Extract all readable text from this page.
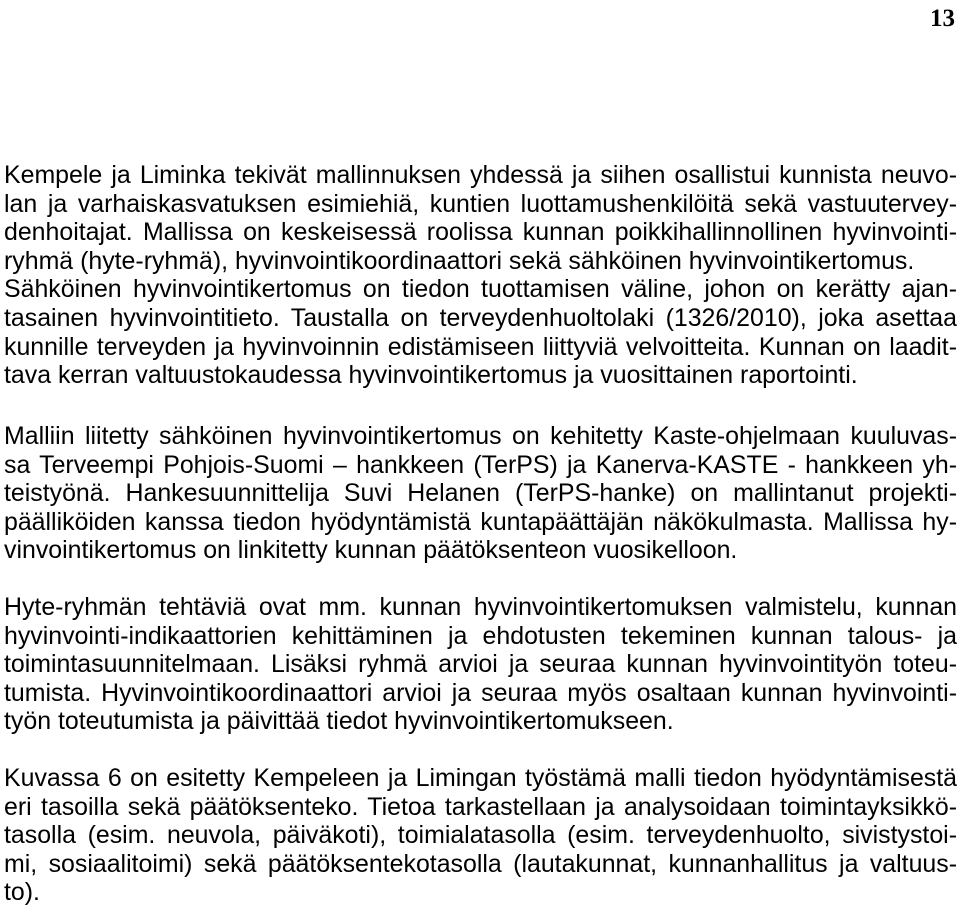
13
Kempele ja Liminka tekivät mallinnuksen yhdessä ja siihen osallistui kunnista neuvo-
lan ja varhaiskasvatuksen esimiehiä, kuntien luottamushenkilöitä sekä vastuutervey-
denhoitajat. Mallissa on keskeisessä roolissa kunnan poikkihallinnollinen hyvinvointi-
ryhmä (hyte-ryhmä), hyvinvointikoordinaattori sekä sähköinen hyvinvointikertomus.
Sähköinen hyvinvointikertomus on tiedon tuottamisen väline, johon on kerätty ajan-
tasainen hyvinvointitieto. Taustalla on terveydenhuoltolaki (1326/2010), joka asettaa
kunnille terveyden ja hyvinvoinnin edistämiseen liittyviä velvoitteita. Kunnan on laadit-
tava kerran valtuustokaudessa hyvinvointikertomus ja vuosittainen raportointi.
Malliin liitetty sähköinen hyvinvointikertomus on kehitetty Kaste-ohjelmaan kuuluvas-
sa Terveempi Pohjois-Suomi – hankkeen (TerPS) ja Kanerva-KASTE - hankkeen yh-
teistyönä. Hankesuunnittelija Suvi Helanen (TerPS-hanke) on mallintanut projekti-
päälliköiden kanssa tiedon hyödyntämistä kuntapäättäjän näkökulmasta. Mallissa hy-
vinvointikertomus on linkitetty kunnan päätöksenteon vuosikelloon.
Hyte-ryhmän tehtäviä ovat mm. kunnan hyvinvointikertomuksen valmistelu, kunnan
hyvinvointi-indikaattorien kehittäminen ja ehdotusten tekeminen kunnan talous- ja
toimintasuunnitelmaan. Lisäksi ryhmä arvioi ja seuraa kunnan hyvinvointityön toteu-
tumista. Hyvinvointikoordinaattori arvioi ja seuraa myös osaltaan kunnan hyvinvointi-
työn toteutumista ja päivittää tiedot hyvinvointikertomukseen.
Kuvassa 6 on esitetty Kempeleen ja Limingan työstämä malli tiedon hyödyntämisestä
eri tasoilla sekä päätöksenteko. Tietoa tarkastellaan ja analysoidaan toimintayksikkö-
tasolla (esim. neuvola, päiväkoti), toimialatasolla (esim. terveydenhuolto, sivistystoi-
mi, sosiaalitoimi) sekä päätöksentekotasolla (lautakunnat, kunnanhallitus ja valtuus-
to).
